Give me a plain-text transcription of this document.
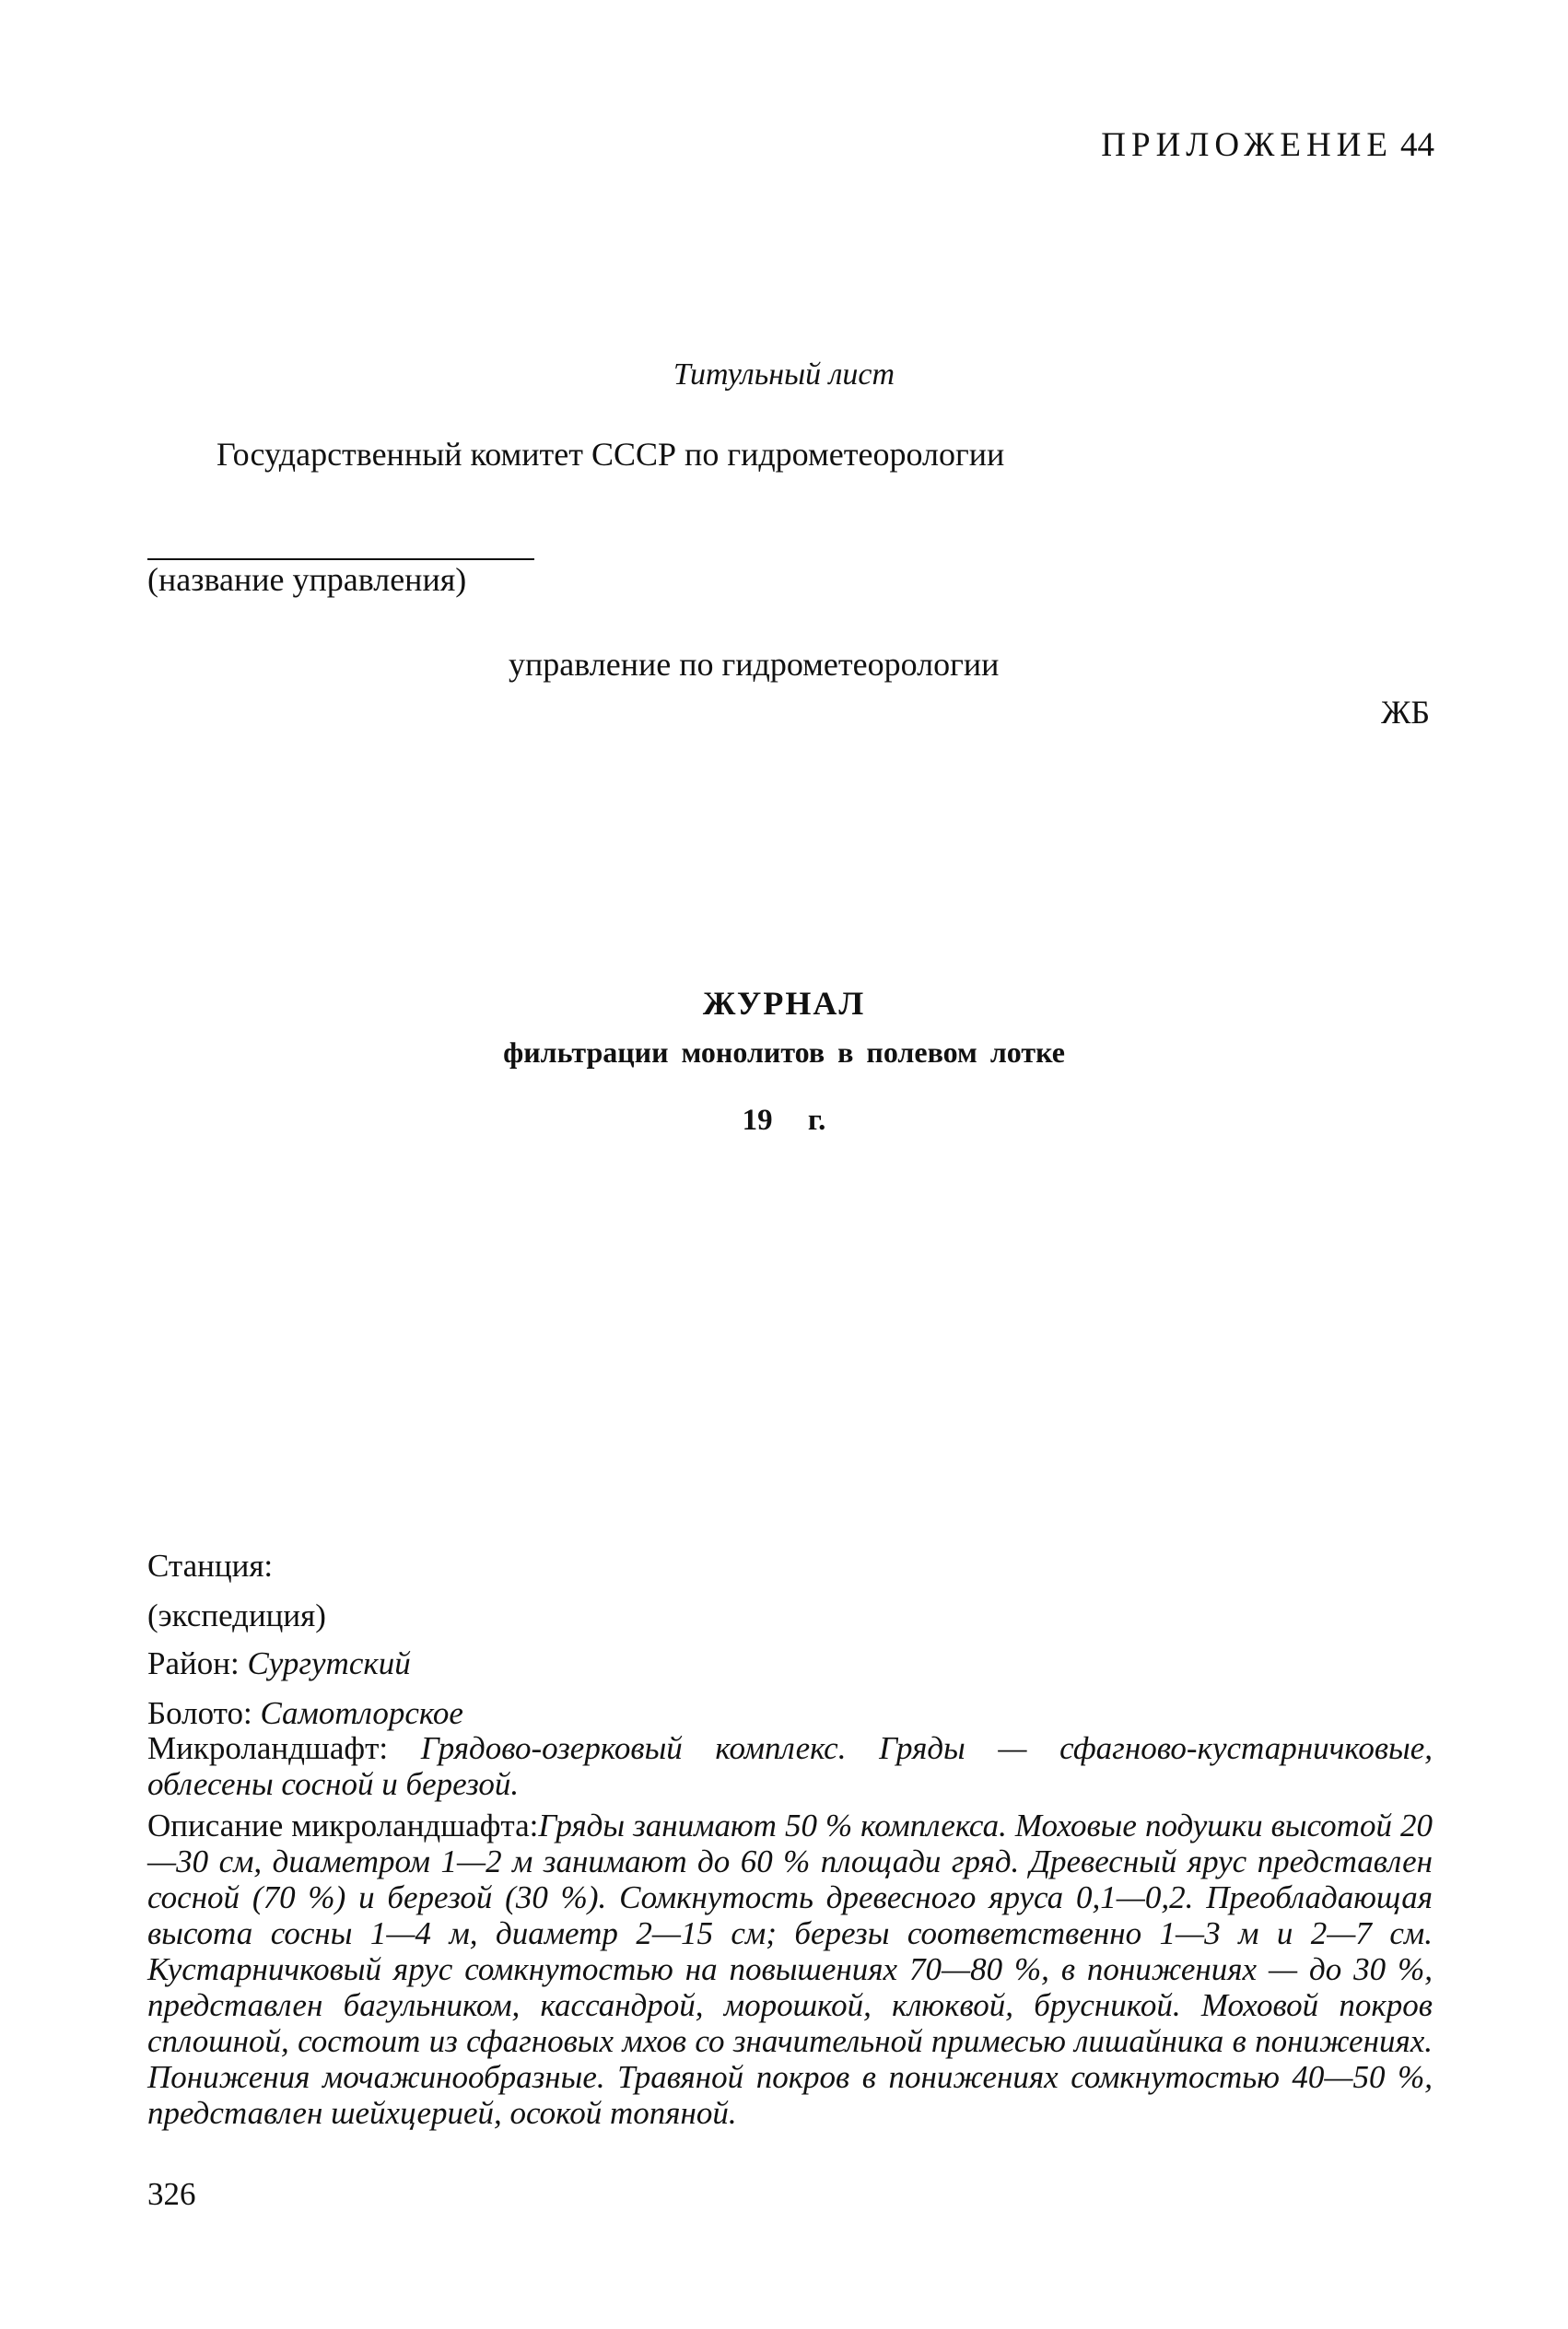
ПРИЛОЖЕНИЕ 44
Титульный лист
Государственный комитет СССР по гидрометеорологии
(название управления)
управление по гидрометеорологии
ЖБ
ЖУРНАЛ
фильтрации монолитов в полевом лотке
19 г.
Станция:
(экспедиция)
Район: Сургутский
Болото: Самотлорское
Микроландшафт: Грядово-озерковый комплекс. Гряды — сфагново-кустарничковые, облесены сосной и березой.
Описание микроландшафта:Гряды занимают 50 % комплекса. Моховые подушки высотой 20—30 см, диаметром 1—2 м занимают до 60 % площади гряд. Древесный ярус представлен сосной (70 %) и березой (30 %). Сомкнутость древесного яруса 0,1—0,2. Преобладающая высота сосны 1—4 м, диаметр 2—15 см; березы соответственно 1—3 м и 2—7 см. Кустарничковый ярус сомкнутостью на повышениях 70—80 %, в понижениях — до 30 %, представлен багульником, кассандрой, морошкой, клюквой, брусникой. Моховой покров сплошной, состоит из сфагновых мхов со значительной примесью лишайника в понижениях. Понижения мочажинообразные. Травяной покров в понижениях сомкнутостью 40—50 %, представлен шейхцерией, осокой топяной.
326
